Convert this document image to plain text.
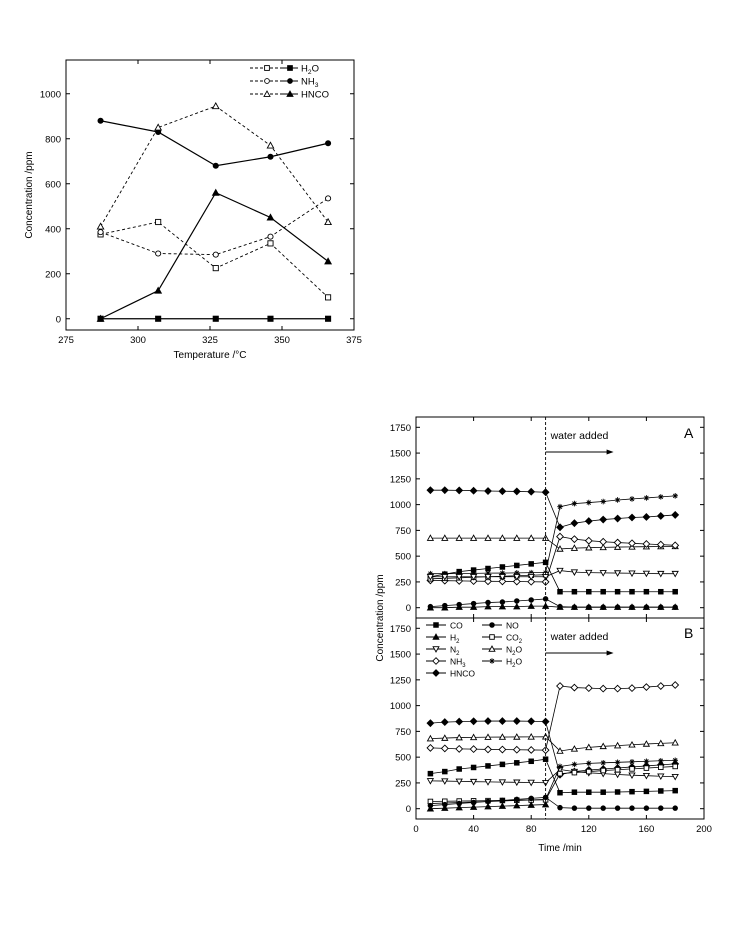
275	300	325	350	375
0
200
400
600
800
1000
$H_2O$
$NH_3$
HNCO
Temperature /°C
Concentration /ppm
0
250
500
750
1000
1250
1500
1750
0
250
500
750
1000
1250
1500
1750
0	40	80	120	160	200
CO	NO
$H_2$	$CO_2$
$N_2$	$N_2O$
$NH_3$	$H_2O$
HNCO
water added
water added
A
B
Time /min
Concentration /ppm
